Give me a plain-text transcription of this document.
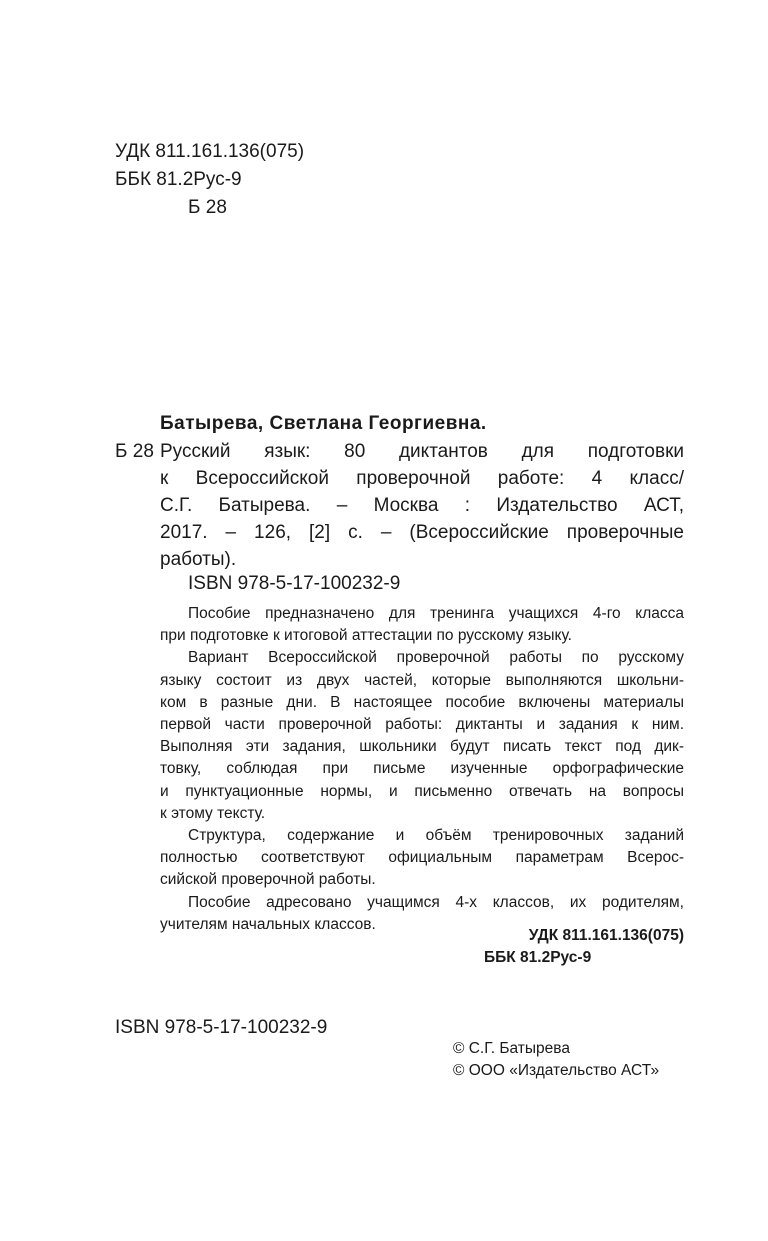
УДК 811.161.136(075)
ББК 81.2Рус-9
Б 28
Батырева, Светлана Георгиевна.
Б 28 Русский язык: 80 диктантов для подготовки
к Всероссийской проверочной работе: 4 класс/
С.Г. Батырева. – Москва : Издательство АСТ,
2017. – 126, [2] с. – (Всероссийские проверочные
работы).
ISBN 978-5-17-100232-9
Пособие предназначено для тренинга учащихся 4-го класса
при подготовке к итоговой аттестации по русскому языку.
Вариант Всероссийской проверочной работы по русскому
языку состоит из двух частей, которые выполняются школьни-
ком в разные дни. В настоящее пособие включены материалы
первой части проверочной работы: диктанты и задания к ним.
Выполняя эти задания, школьники будут писать текст под дик-
товку, соблюдая при письме изученные орфографические
и пунктуационные нормы, и письменно отвечать на вопросы
к этому тексту.
Структура, содержание и объём тренировочных заданий
полностью соответствуют официальным параметрам Всерос-
сийской проверочной работы.
Пособие адресовано учащимся 4-х классов, их родителям,
учителям начальных классов.
УДК 811.161.136(075)
ББК 81.2Рус-9
ISBN 978-5-17-100232-9
© С.Г. Батырева
© ООО «Издательство АСТ»
